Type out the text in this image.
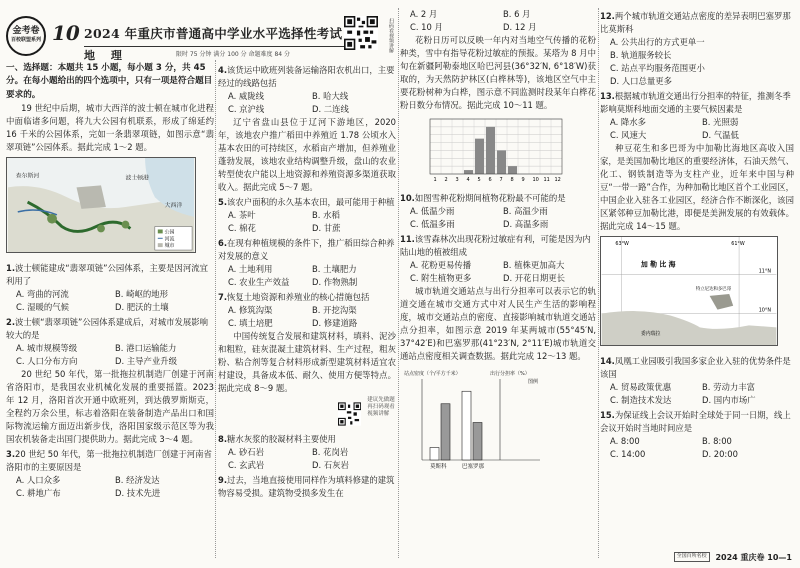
金考卷
百校联盟系列 10 2024 年重庆市普通高中学业水平选择性考试	扫码看视频讲解
地 理	限时 75 分钟 满分 100 分 命题难度 84 分
一、选择题：本题共 15 小题，每小题 3 分，共 45 分。在每小题给出的四个选项中，只有一项是符合题目要求的。
19 世纪中后期，城市大西洋的波士顿在城市化进程中面临诸多问题，将九大公园有机联系，形成了绵延约 16 千米的公园体系，完如一条翡翠项链，如图示意“翡翠项链”公园体系。据此完成 1～2 题。
查尔斯河	波士顿港
大西洋
公园
河流
城市
1.波士顿能建成“翡翠项链”公园体系，主要是因河流宜利用了
A. 弯曲的河流	B. 崎岖的地形
C. 湿暖的气候	D. 肥沃的土壤
2.波士顿“翡翠项链”公园体系建成后，对城市发展影响较大的是
A. 城市规模等级	B. 港口运输能力
C. 人口分布方向	D. 主导产业升级
20 世纪 50 年代，第一批拖拉机制造厂创建于河南省洛阳市，是我国农业机械化发展的重要摇篮。2023 年 12 月，洛阳首次开通中欧班列，到达俄罗斯斯克，全程约万余公里，标志着洛阳在装备制造产品出口和国际物流运输方面迈出新步伐，洛阳国家级示范区等为我国农机装备走出国门提供助力。据此完成 3～4 题。
3.20 世纪 50 年代，第一批拖拉机制造厂创建于河南省洛阳市的主要原因是
A. 人口众多	B. 经济发达
C. 耕地广布	D. 技术先进
4.该货运中欧班列装备运输洛阳农机出口，主要经过的线路包括
A. 威陇线	B. 哈大线
C. 京沪线	D. 二连线
辽宁省盘山县位于辽河下游地区，2020 年，该地农户推广稻田中养殖近 1.78 公顷水入基本农田的可持续区，水稻亩产增加，但养殖业蓬勃发展，该地农业结构调整升级，盘山的农业转型使农户能以上地资源和养殖资源多渠道获取收入。据此完成 5～7 题。
5.该农户面积的永久基本农田，最可能用于种植
A. 茶叶	B. 水稻
C. 棉花	D. 甘蔗
6.在现有种植规模的条件下，推广稻田综合种养对发展的意义
A. 土地利用	B. 土壤肥力
C. 农业生产效益	D. 作物熟制
7.恢复土地资源和养殖业的核心措施包括
A. 修筑沟渠	B. 开挖沟渠
C. 填土培肥	D. 修建道路
中国传统复合发展和建筑材料，填料、泥沙和粗粒，硅灰混凝土建筑材料、生产过程，粗灰粉、粘合剂等复合材料形成新型建筑材料适宜农村建设，具备成本低、耐久、使用方便等特点。据此完成 8～9 题。
建议先做题再扫码观看视频讲解
8.糖水灰浆的胶凝材料主要使用
A. 砂石岩	B. 花岗岩
C. 玄武岩	D. 石灰岩
9.过去，当地直接使用同样作为填料修建的建筑物容易受损。建筑物受损多发生在
A. 2 月	B. 6 月
C. 10 月	D. 12 月
花粉日历可以反映一年内对当地空气传播的花粉种类，雪中有指导花粉过敏症的预报。某塔为 8 月中旬在新疆阿勒泰地区哈巴河县(36°32′N, 6°18′W)获取的，为天然防护林区(白桦林等)，该地区空气中主要花粉树种为白桦，图示意不同监测时段某年白桦花粉日数分布情况。据此完成 10～11 题。
1 2 3 4 5 6 7 8 9 10 11 12
10.如图雪种花粉期间植物花粉最不可能的是
A. 低温少雨	B. 高温少雨
C. 低温多雨	D. 高温多雨
11.该雪森林次出现花粉过敏症有利，可能是因为内陆山地的植被组成
A. 花粉更易传播	B. 植株更加高大
C. 附生植物更多	D. 开花日期更长
城市轨道交通站点与出行分担率可以表示它的轨道交通在城市交通方式中对人民生产生活的影响程度，城市交通站点的密度、直接影响城市轨道交通站点分担率，如图示意 2019 年某两城市(55°45′N, 37°42′E)和巴塞罗那(41°23′N, 2°11′E)城市轨道交通站点密度相关调查数据。据此完成 12～13 题。
站点密度（个/平方千米）	出行分担率（%）
图例
莫斯科	巴塞罗那
12.两个城市轨道交通站点密度的差异表明巴塞罗那比莫斯科
A. 公共出行的方式更单一
B. 轨道服务较长
C. 站点平均服务范围更小
D. 人口总量更多
13.根据城市轨道交通出行分担率的特征，推测冬季影响莫斯科地面交通的主要气候因素是
A. 降水多	B. 光照弱
C. 风速大	D. 气温低
种豆花生和多巴哥为中加勒比海地区高收入国家，是美国加勒比地区的重要经济体，石油天然气、化工、钢铁制造等为支柱产业，近年来中国与种豆“一带一路”合作，为种加勒比地区首个工业园区，中国企业入驻各工业园区，经济合作不断深化，该园区紧邻种豆加勒比港，即便是美洲发展的有效载体。据此完成 14～15 题。
63°W	61°W
加 勒 比 海
特立尼达和多巴哥
11°N
10°N
委内瑞拉
14.凤凰工业园吸引我国多家企业入驻的优势条件是该国
A. 贸易政策优惠	B. 劳动力丰富
C. 制造技术发达	D. 国内市场广
15.为保证线上会议开始时全球处于同一日期，线上会议开始时当地时间应是
A. 8:00	B. 8:00
C. 14:00	D. 20:00
全国百所名校 2024 重庆卷 10—1
